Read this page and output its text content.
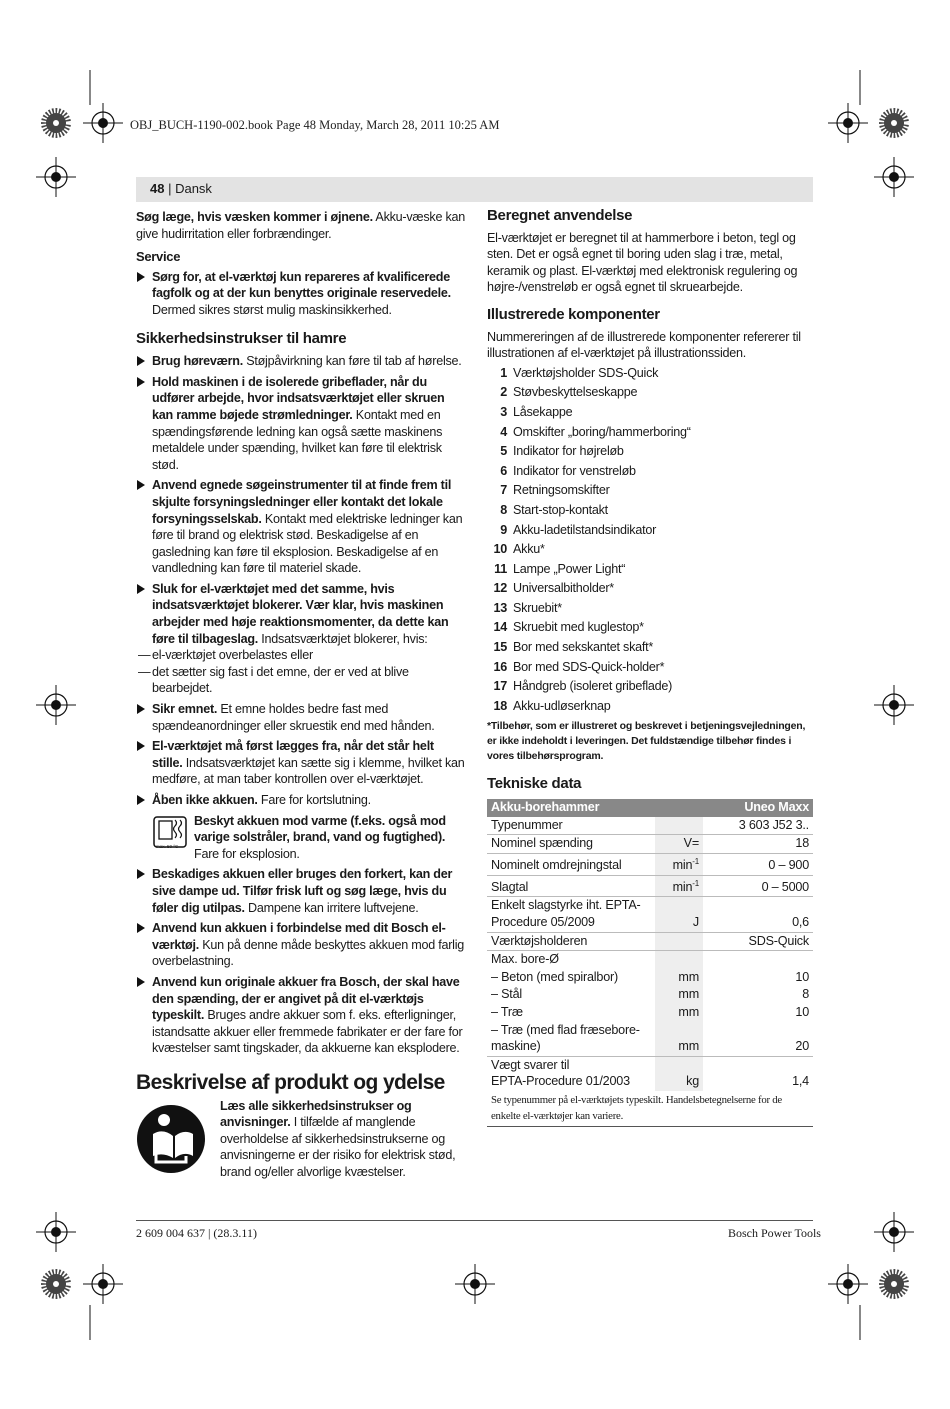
OBJ_BUCH-1190-002.book Page 48 Monday, March 28, 2011 10:25 AM
48 | Dansk

Søg læge, hvis væsken kommer i øjnene. Akku-væske kan give hudirritation eller forbrændinger.

Service

Sørg for, at el-værktøj kun repareres af kvalificerede fagfolk og at der kun benyttes originale reservedele. Dermed sikres størst mulig maskinsikkerhed.

Sikkerhedsinstrukser til hamre

Brug høreværn. Støjpåvirkning kan føre til tab af hørelse.

Hold maskinen i de isolerede gribeflader, når du udfører arbejde, hvor indsatsværktøjet eller skruen kan ramme bøjede strømledninger. Kontakt med en spændingsførende ledning kan også sætte maskinens metaldele under spænding, hvilket kan føre til elektrisk stød.

Anvend egnede søgeinstrumenter til at finde frem til skjulte forsyningsledninger eller kontakt det lokale forsyningsselskab. Kontakt med elektriske ledninger kan føre til brand og elektrisk stød. Beskadigelse af en gasledning kan føre til eksplosion. Beskadigelse af en vandledning kan føre til materiel skade.

Sluk for el-værktøjet med det samme, hvis indsatsværktøjet blokerer. Vær klar, hvis maskinen arbejder med høje reaktionsmomenter, da dette kan føre til tilbageslag. Indsatsværktøjet blokerer, hvis:

— el-værktøjet overbelastes eller

— det sætter sig fast i det emne, der er ved at blive bearbejdet.

Sikr emnet. Et emne holdes bedre fast med spændeanordninger eller skruestik end med hånden.

El-værktøjet må først lægges fra, når det står helt stille. Indsatsværktøjet kan sætte sig i klemme, hvilket kan medføre, at man taber kontrollen over el-værktøjet.

Åben ikke akkuen. Fare for kortslutning.

max. 50 °C
Beskyt akkuen mod varme (f.eks. også mod varige solstråler, brand, vand og fugtighed). Fare for eksplosion.

Beskadiges akkuen eller bruges den forkert, kan der sive dampe ud. Tilfør frisk luft og søg læge, hvis du føler dig utilpas. Dampene kan irritere luftvejene.

Anvend kun akkuen i forbindelse med dit Bosch el-værktøj. Kun på denne måde beskyttes akkuen mod farlig overbelastning.

Anvend kun originale akkuer fra Bosch, der skal have den spænding, der er angivet på dit el-værktøjs typeskilt. Bruges andre akkuer som f. eks. efterligninger, istandsatte akkuer eller fremmede fabrikater er der fare for kvæstelser samt tingskader, da akkuerne kan eksplodere.

Beskrivelse af produkt og ydelse

Læs alle sikkerhedsinstrukser og anvisninger. I tilfælde af manglende overholdelse af sikkerhedsinstrukserne og anvisningerne er der risiko for elektrisk stød, brand og/eller alvorlige kvæstelser.

Beregnet anvendelse

El-værktøjet er beregnet til at hammerbore i beton, tegl og sten. Det er også egnet til boring uden slag i træ, metal, keramik og plast. El-værktøj med elektronisk regulering og højre-/venstreløb er også egnet til skruearbejde.

Illustrerede komponenter

Nummereringen af de illustrerede komponenter refererer til illustrationen af el-værktøjet på illustrationssiden.

1 Værktøjsholder SDS-Quick
2 Støvbeskyttelseskappe
3 Låsekappe
4 Omskifter „boring/hammerboring“
5 Indikator for højreløb
6 Indikator for venstreløb
7 Retningsomskifter
8 Start-stop-kontakt
9 Akku-ladetilstandsindikator
10 Akku*
11 Lampe „Power Light“
12 Universalbitholder*
13 Skruebit*
14 Skruebit med kuglestop*
15 Bor med sekskantet skaft*
16 Bor med SDS-Quick-holder*
17 Håndgreb (isoleret gribeflade)
18 Akku-udløserknap

*Tilbehør, som er illustreret og beskrevet i betjeningsvejledningen, er ikke indeholdt i leveringen. Det fuldstændige tilbehør findes i vores tilbehørsprogram.

Tekniske data

Akku-borehammer		Uneo Maxx
Typenummer		3 603 J52 3..
Nominel spænding	V=	18
Nominelt omdrejningstal	$\min^{-1}$	0 – 900
Slagtal	$\min^{-1}$	0 – 5000
Enkelt slagstyrke iht. EPTA-Procedure 05/2009	J	0,6
Værktøjsholderen		SDS-Quick
Max. bore-Ø		
– Beton (med spiralbor)	mm	10
– Stål	mm	8
– Træ	mm	10
– Træ (med flad fræsebore-
maskine)	mm	20
Vægt svarer til
EPTA-Procedure 01/2003	kg	1,4

Se typenummer på el-værktøjets typeskilt. Handelsbetegnelserne for de enkelte el-værktøjer kan variere.

2 609 004 637 | (28.3.11)	Bosch Power Tools
